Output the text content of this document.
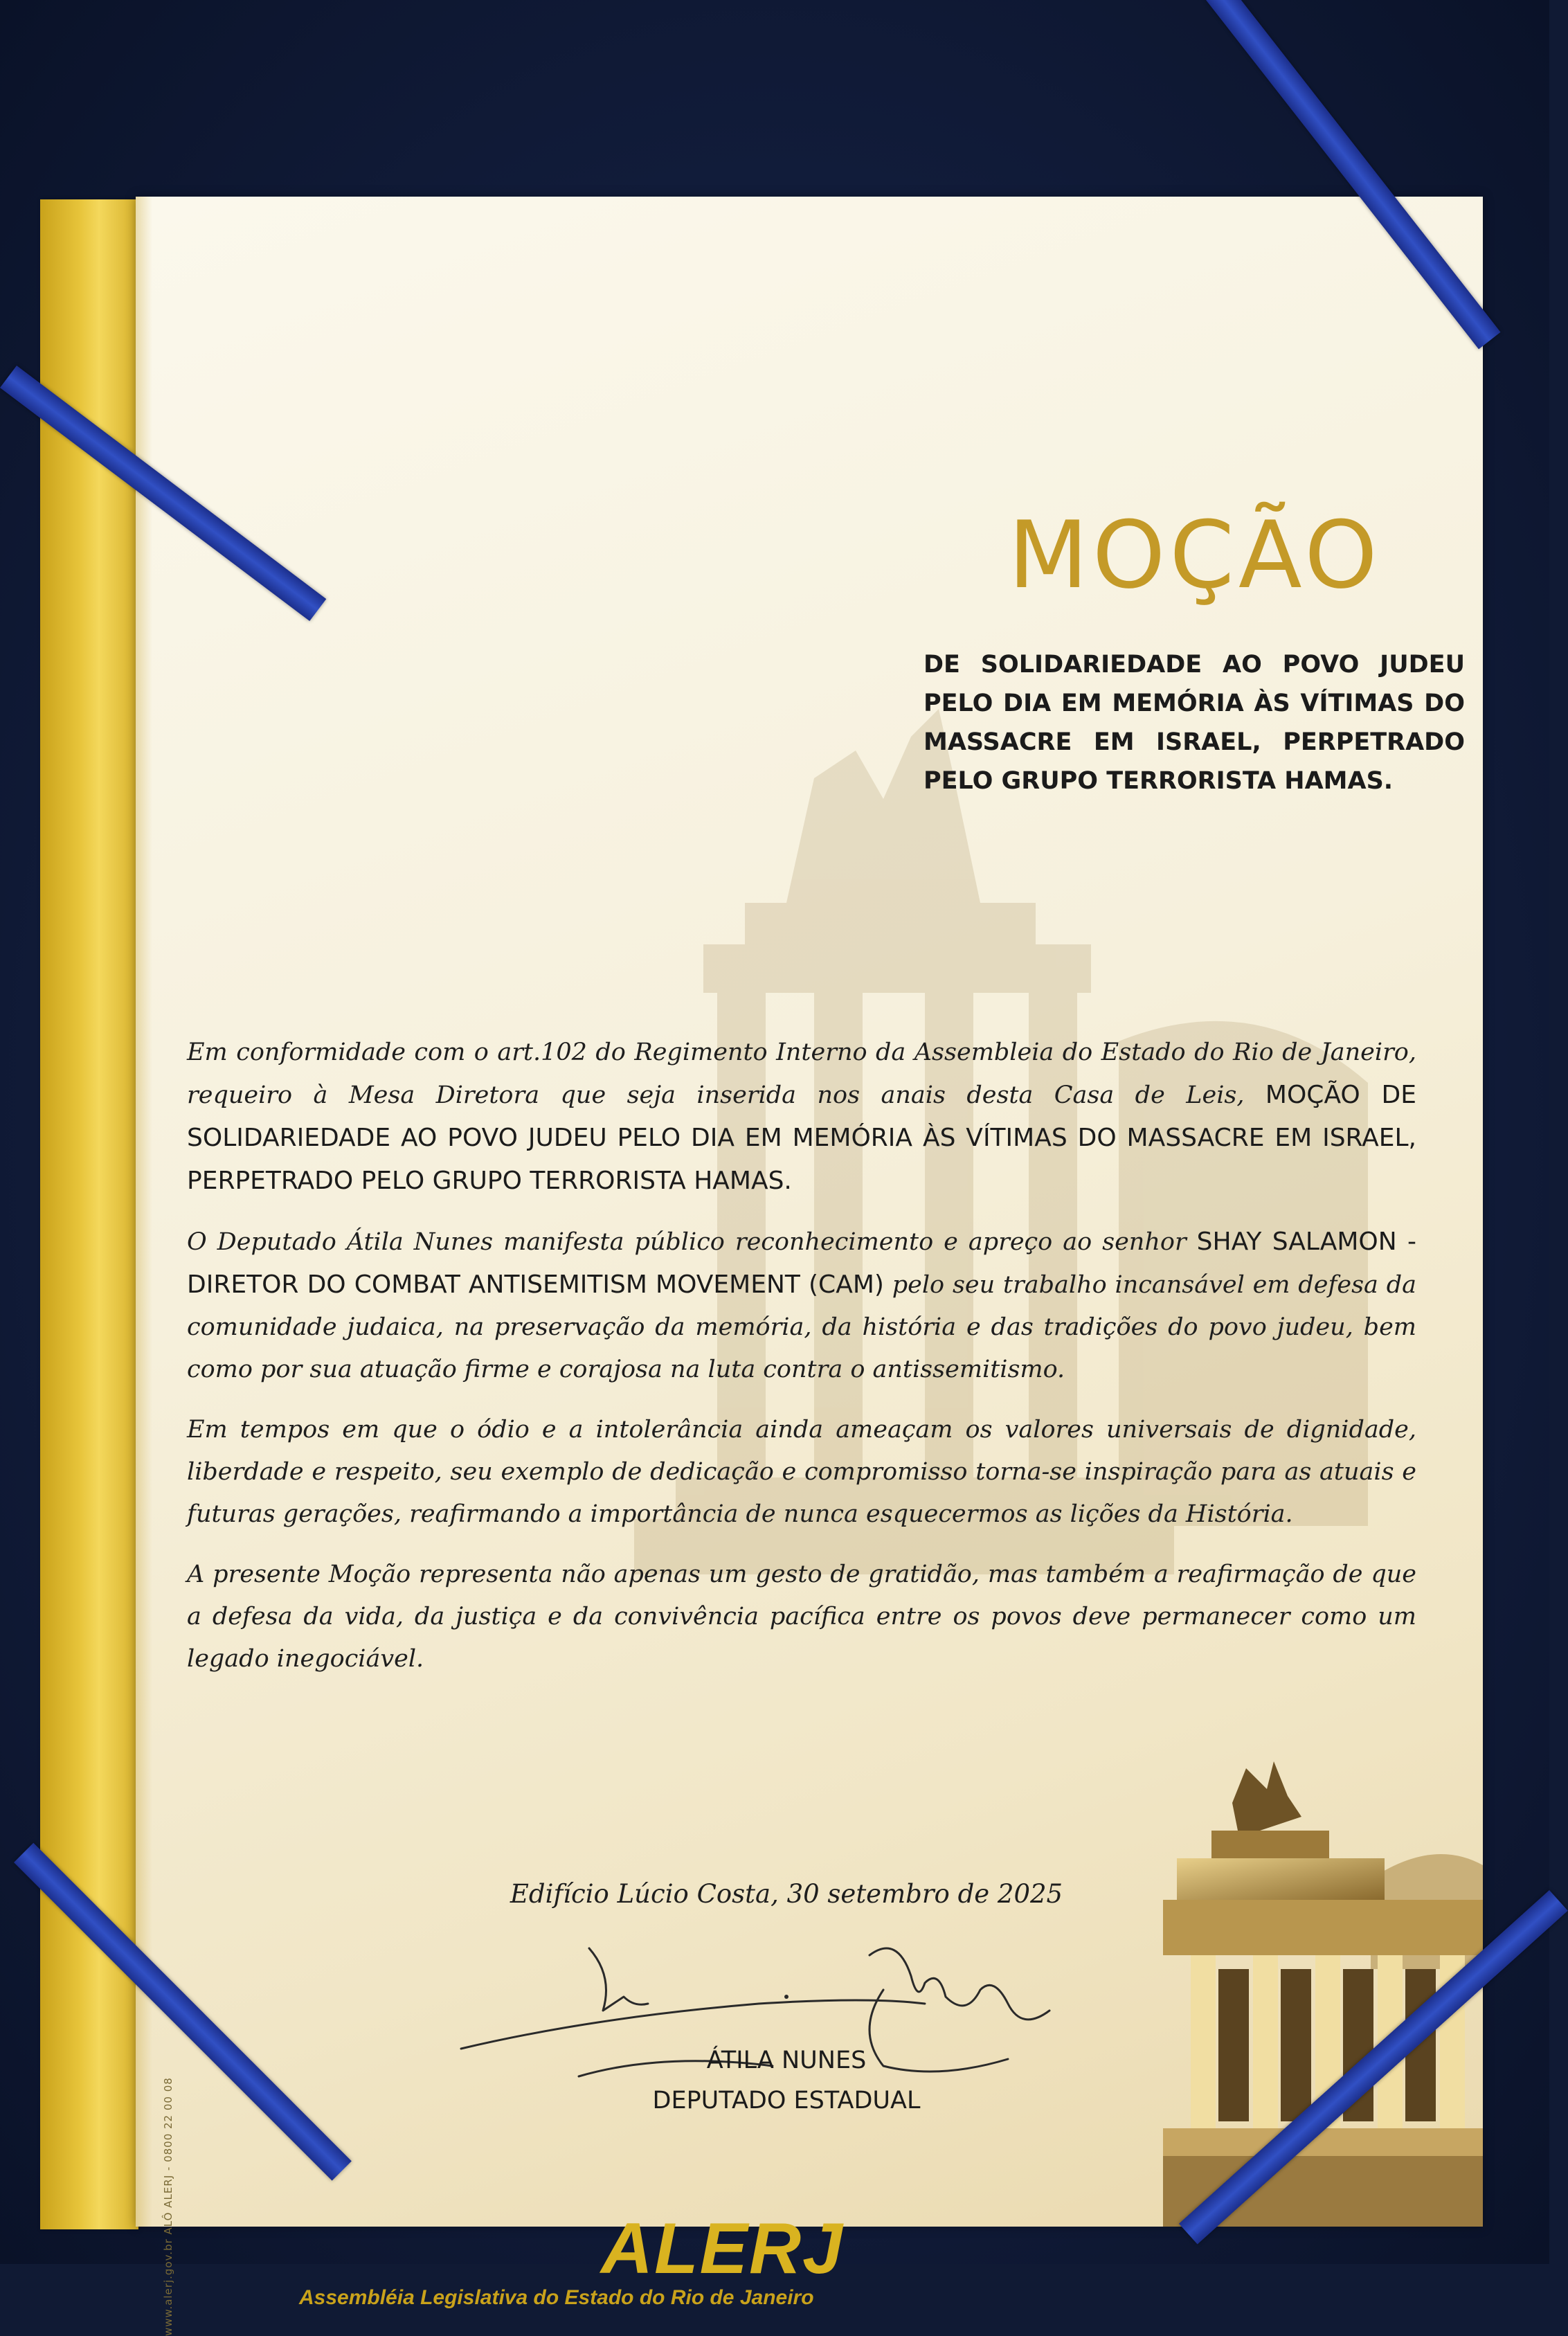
MOÇÃO

DE SOLIDARIEDADE AO POVO JUDEU PELO DIA EM MEMÓRIA ÀS VÍTIMAS DO MASSACRE EM ISRAEL, PERPETRADO PELO GRUPO TERRORISTA HAMAS.

Em conformidade com o art.102 do Regimento Interno da Assembleia do Estado do Rio de Janeiro, requeiro à Mesa Diretora que seja inserida nos anais desta Casa de Leis, MOÇÃO DE SOLIDARIEDADE AO POVO JUDEU PELO DIA EM MEMÓRIA ÀS VÍTIMAS DO MASSACRE EM ISRAEL, PERPETRADO PELO GRUPO TERRORISTA HAMAS.

O Deputado Átila Nunes manifesta público reconhecimento e apreço ao senhor SHAY SALAMON - DIRETOR DO COMBAT ANTISEMITISM MOVEMENT (CAM) pelo seu trabalho incansável em defesa da comunidade judaica, na preservação da memória, da história e das tradições do povo judeu, bem como por sua atuação firme e corajosa na luta contra o antissemitismo.

Em tempos em que o ódio e a intolerância ainda ameaçam os valores universais de dignidade, liberdade e respeito, seu exemplo de dedicação e compromisso torna-se inspiração para as atuais e futuras gerações, reafirmando a importância de nunca esquecermos as lições da História.

A presente Moção representa não apenas um gesto de gratidão, mas também a reafirmação de que a defesa da vida, da justiça e da convivência pacífica entre os povos deve permanecer como um legado inegociável.

Edifício Lúcio Costa, 30 setembro de 2025

ÁTILA NUNES

DEPUTADO ESTADUAL

www.alerj.gov.br ALÔ ALERJ - 0800 22 00 08	ALERJ

Assembléia Legislativa do Estado do Rio de Janeiro
